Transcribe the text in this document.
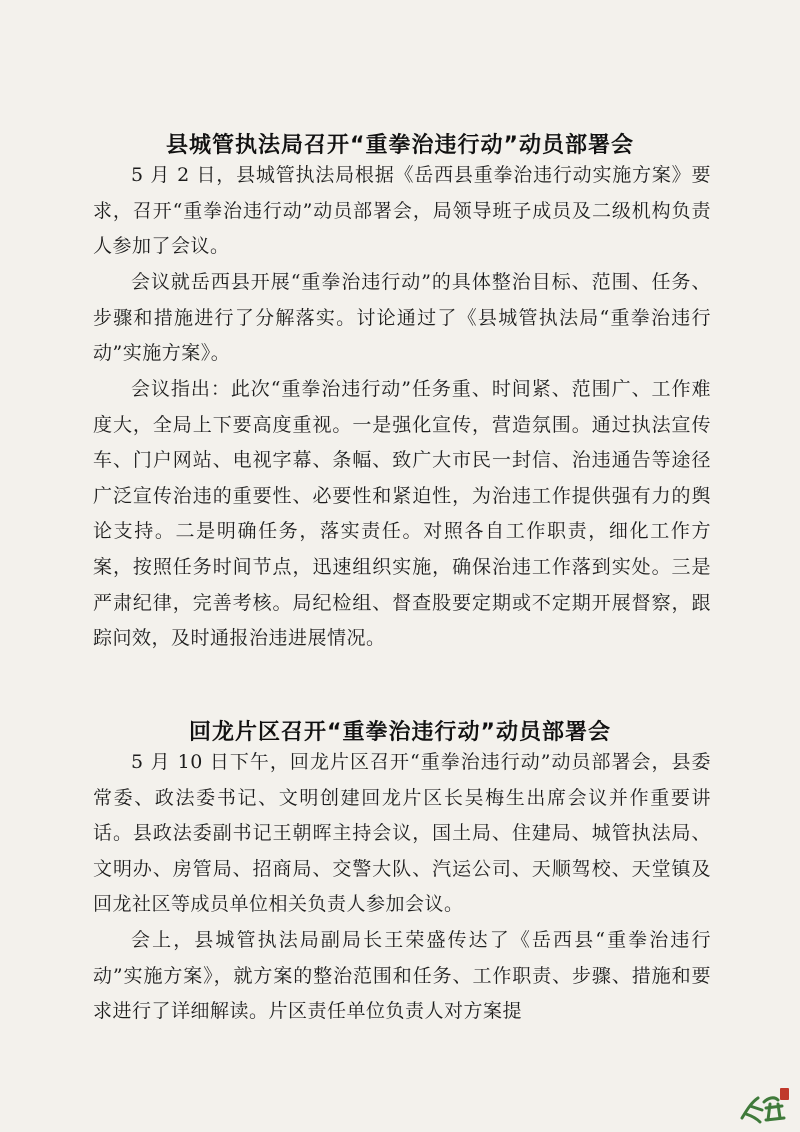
县城管执法局召开“重拳治违行动”动员部署会

5 月 2 日，县城管执法局根据《岳西县重拳治违行动实施方案》要求，召开“重拳治违行动”动员部署会，局领导班子成员及二级机构负责人参加了会议。

会议就岳西县开展“重拳治违行动”的具体整治目标、范围、任务、步骤和措施进行了分解落实。讨论通过了《县城管执法局“重拳治违行动”实施方案》。

会议指出：此次“重拳治违行动”任务重、时间紧、范围广、工作难度大，全局上下要高度重视。一是强化宣传，营造氛围。通过执法宣传车、门户网站、电视字幕、条幅、致广大市民一封信、治违通告等途径广泛宣传治违的重要性、必要性和紧迫性，为治违工作提供强有力的舆论支持。二是明确任务，落实责任。对照各自工作职责，细化工作方案，按照任务时间节点，迅速组织实施，确保治违工作落到实处。三是严肃纪律，完善考核。局纪检组、督查股要定期或不定期开展督察，跟踪问效，及时通报治违进展情况。

回龙片区召开“重拳治违行动”动员部署会

5 月 10 日下午，回龙片区召开“重拳治违行动”动员部署会，县委常委、政法委书记、文明创建回龙片区长吴梅生出席会议并作重要讲话。县政法委副书记王朝晖主持会议，国土局、住建局、城管执法局、文明办、房管局、招商局、交警大队、汽运公司、天顺驾校、天堂镇及回龙社区等成员单位相关负责人参加会议。

会上，县城管执法局副局长王荣盛传达了《岳西县“重拳治违行动”实施方案》，就方案的整治范围和任务、工作职责、步骤、措施和要求进行了详细解读。片区责任单位负责人对方案提
